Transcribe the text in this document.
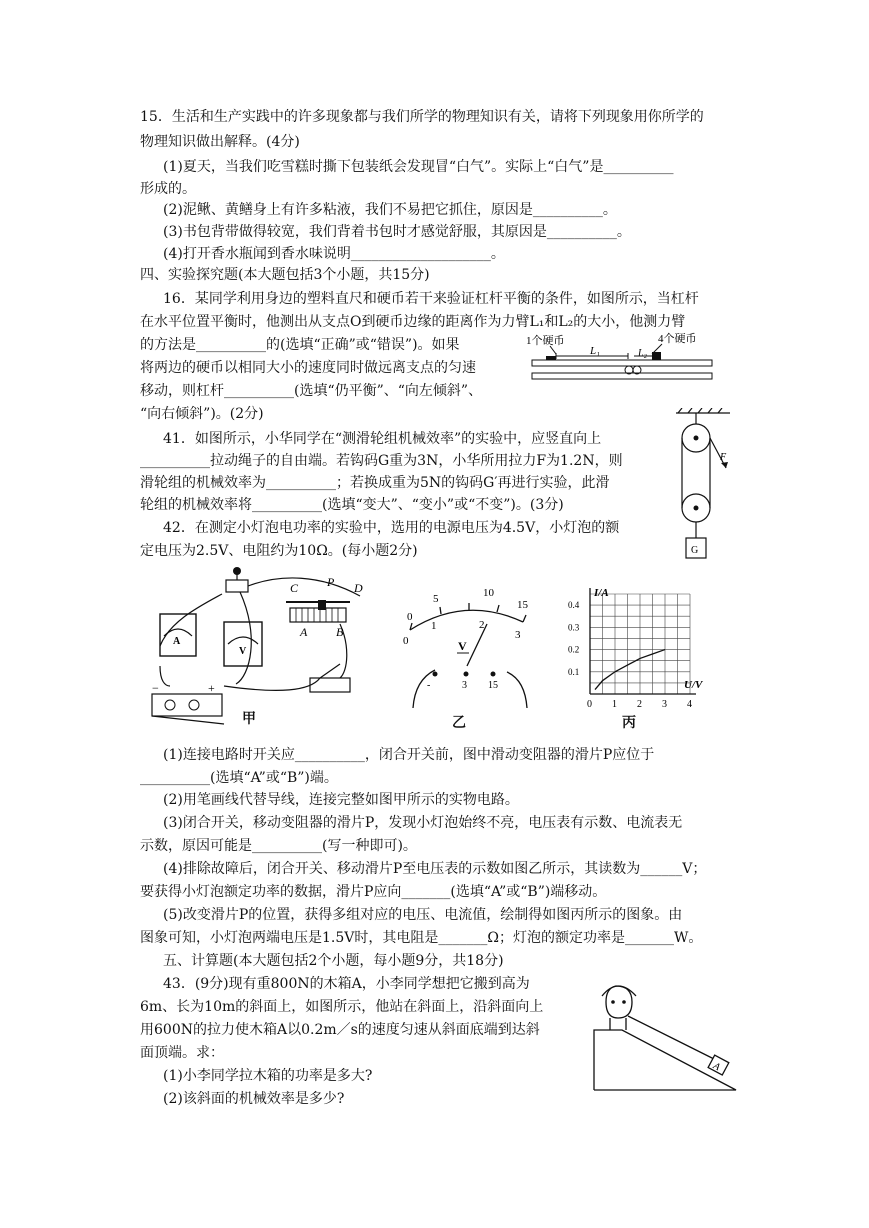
15．生活和生产实践中的许多现象都与我们所学的物理知识有关，请将下列现象用你所学的
物理知识做出解释。(4分)
(1)夏天，当我们吃雪糕时撕下包装纸会发现冒“白气”。实际上“白气”是__________
形成的。
(2)泥鳅、黄鳝身上有许多粘液，我们不易把它抓住，原因是__________。
(3)书包背带做得较宽，我们背着书包时才感觉舒服，其原因是__________。
(4)打开香水瓶闻到香水味说明____________________。
四、实验探究题(本大题包括3个小题，共15分)
16．某同学利用身边的塑料直尺和硬币若干来验证杠杆平衡的条件，如图所示，当杠杆
在水平位置平衡时，他测出从支点O到硬币边缘的距离作为力臂L₁和L₂的大小，他测力臂
的方法是__________的(选填“正确”或“错误”)。如果
将两边的硬币以相同大小的速度同时做远离支点的匀速
移动，则杠杆__________(选填“仍平衡”、“向左倾斜”、
“向右倾斜”)。(2分)
1个硬币	4个硬币
L₁	L₂
41．如图所示，小华同学在“测滑轮组机械效率”的实验中，应竖直向上
__________拉动绳子的自由端。若钩码G重为3N，小华所用拉力F为1.2N，则
滑轮组的机械效率为__________；若换成重为5N的钩码G′再进行实验，此滑
轮组的机械效率将__________(选填“变大”、“变小”或“不变”)。(3分)
F
G
42．在测定小灯泡电功率的实验中，选用的电源电压为4.5V，小灯泡的额
定电压为2.5V、电阻约为10Ω。(每小题2分)
−	+
C P D
A B
A
V
甲
0
1	2
3
0
5	10
15
V
-	3 15
乙
0 1 2 3 4
0.1
0.2
0.3
0.4
I/A
U/V
丙
(1)连接电路时开关应__________，闭合开关前，图中滑动变阻器的滑片P应位于
__________(选填“A”或“B”)端。
(2)用笔画线代替导线，连接完整如图甲所示的实物电路。
(3)闭合开关，移动变阻器的滑片P，发现小灯泡始终不亮，电压表有示数、电流表无
示数，原因可能是__________(写一种即可)。
(4)排除故障后，闭合开关、移动滑片P至电压表的示数如图乙所示，其读数为______V；
要获得小灯泡额定功率的数据，滑片P应向_______(选填“A”或“B”)端移动。
(5)改变滑片P的位置，获得多组对应的电压、电流值，绘制得如图丙所示的图象。由
图象可知，小灯泡两端电压是1.5V时，其电阻是_______Ω；灯泡的额定功率是_______W。
五、计算题(本大题包括2个小题，每小题9分，共18分)
43．(9分)现有重800N的木箱A，小李同学想把它搬到高为
6m、长为10m的斜面上，如图所示，他站在斜面上，沿斜面向上
用600N的拉力使木箱A以0.2m／s的速度匀速从斜面底端到达斜
面顶端。求：
(1)小李同学拉木箱的功率是多大?
(2)该斜面的机械效率是多少?
A
